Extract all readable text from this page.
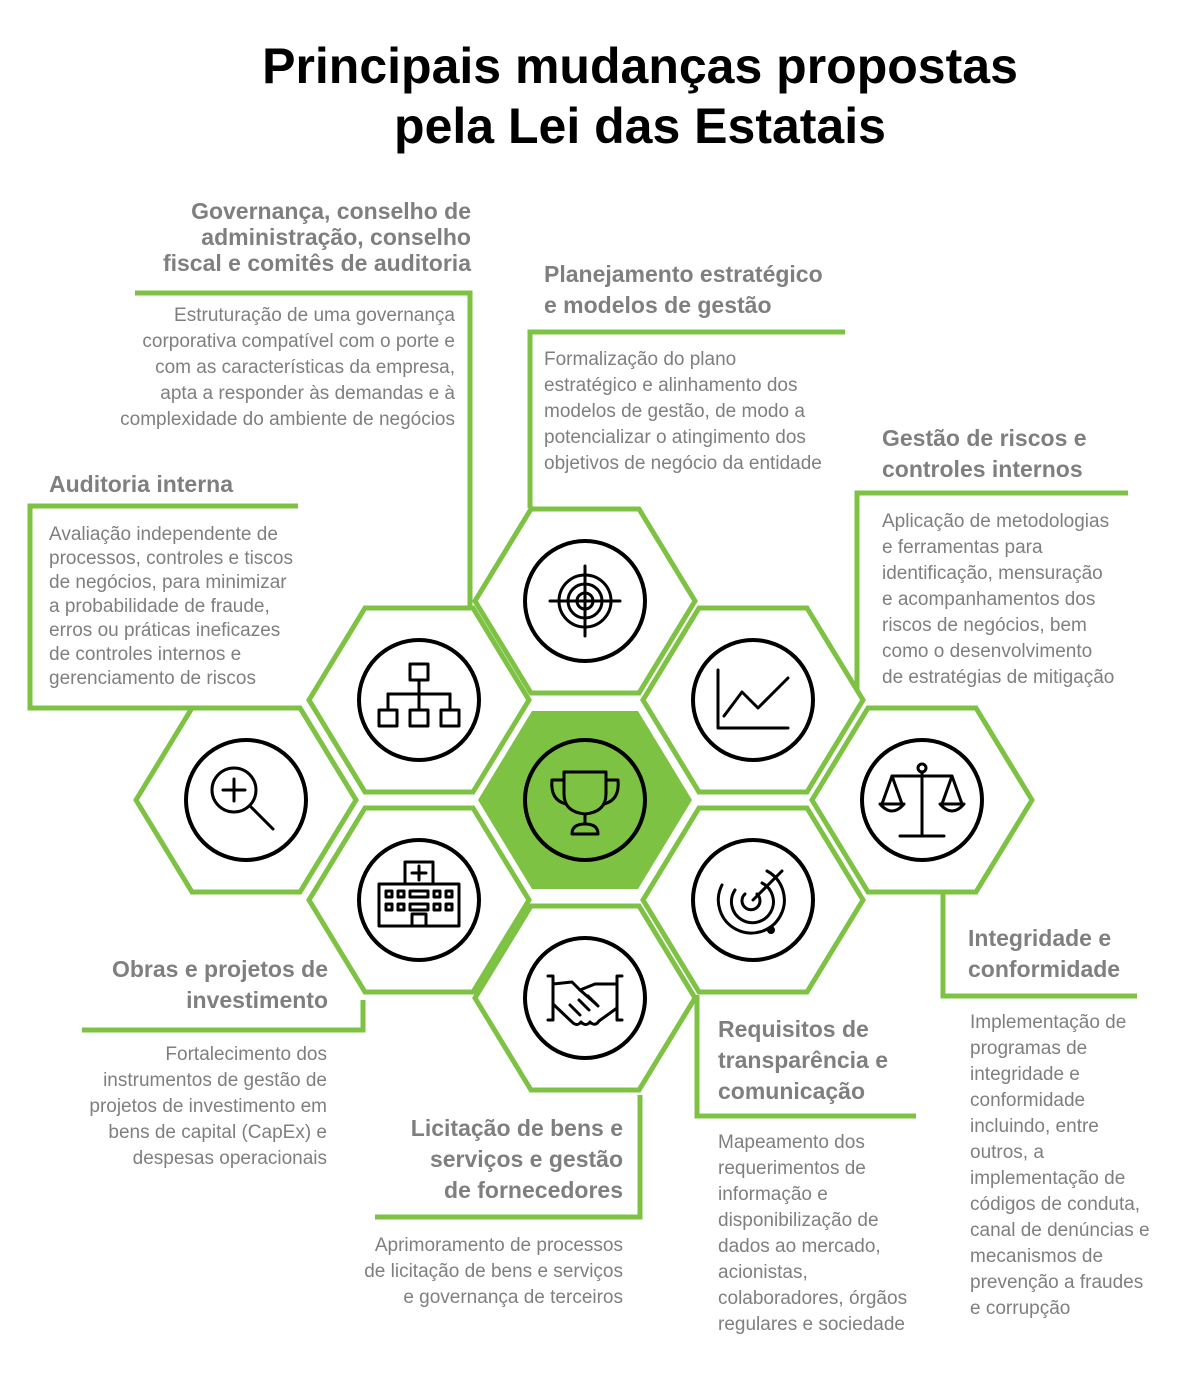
Principais mudanças propostas
pela Lei das Estatais
Governança, conselho de
administração, conselho
fiscal e comitês de auditoria
Estruturação de uma governança
corporativa compatível com o porte e
com as características da empresa,
apta a responder às demandas e à
complexidade do ambiente de negócios
Planejamento estratégico
e modelos de gestão
Formalização do plano
estratégico e alinhamento dos
modelos de gestão, de modo a
potencializar o atingimento dos
objetivos de negócio da entidade
Gestão de riscos e
controles internos
Aplicação de metodologias
e ferramentas para
identificação, mensuração
e acompanhamentos dos
riscos de negócios, bem
como o desenvolvimento
de estratégias de mitigação
Auditoria interna
Avaliação independente de
processos, controles e tiscos
de negócios, para minimizar
a probabilidade de fraude,
erros ou práticas ineficazes
de controles internos e
gerenciamento de riscos
Integridade e
conformidade
Implementação de
programas de
integridade e
conformidade
incluindo, entre
outros, a
implementação de
códigos de conduta,
canal de denúncias e
mecanismos de
prevenção a fraudes
e corrupção
Obras e projetos de
investimento
Fortalecimento dos
instrumentos de gestão de
projetos de investimento em
bens de capital (CapEx) e
despesas operacionais
Requisitos de
transparência e
comunicação
Mapeamento dos
requerimentos de
informação e
disponibilização de
dados ao mercado,
acionistas,
colaboradores, órgãos
regulares e sociedade
Licitação de bens e
serviços e gestão
de fornecedores
Aprimoramento de processos
de licitação de bens e serviços
e governança de terceiros
